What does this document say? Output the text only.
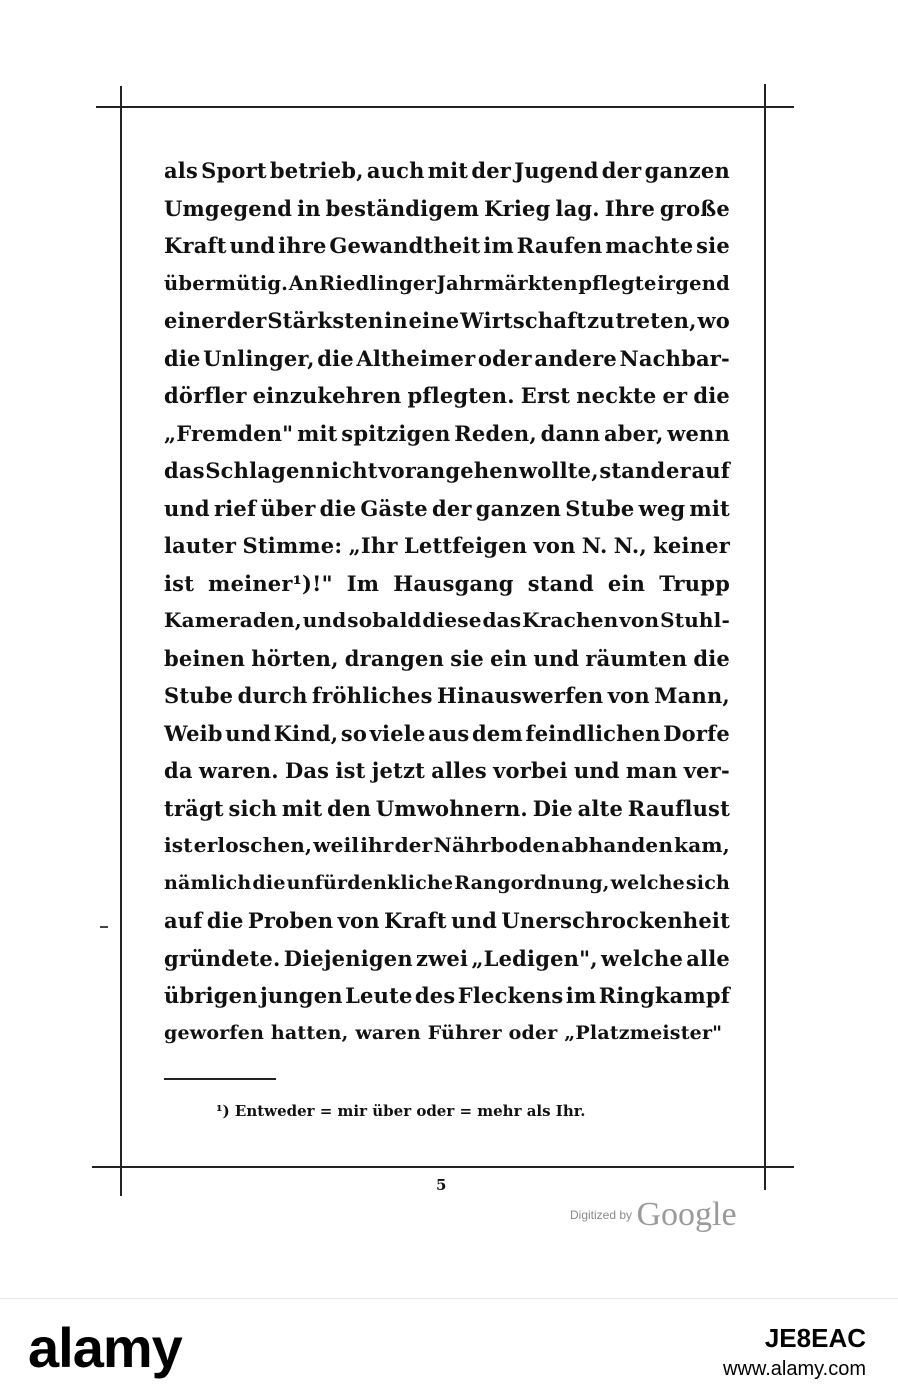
als Sport betrieb, auch mit der Jugend der ganzen
Umgegend in beständigem Krieg lag. Ihre große
Kraft und ihre Gewandtheit im Raufen machte sie
übermütig. An Riedlinger Jahrmärkten pflegte irgend
einer der Stärksten in eine Wirtschaft zu treten, wo
die Unlinger, die Altheimer oder andere Nachbar-
dörfler einzukehren pflegten. Erst neckte er die
„Fremden" mit spitzigen Reden, dann aber, wenn
das Schlagen nicht vorangehen wollte, stand er auf
und rief über die Gäste der ganzen Stube weg mit
lauter Stimme: „Ihr Lettfeigen von N. N., keiner
ist meiner¹)!" Im Hausgang stand ein Trupp
Kameraden, und sobald diese das Krachen von Stuhl-
beinen hörten, drangen sie ein und räumten die
Stube durch fröhliches Hinauswerfen von Mann,
Weib und Kind, so viele aus dem feindlichen Dorfe
da waren. Das ist jetzt alles vorbei und man ver-
trägt sich mit den Umwohnern. Die alte Rauflust
ist erloschen, weil ihr der Nährboden abhanden kam,
nämlich die unfürdenkliche Rangordnung, welche sich
auf die Proben von Kraft und Unerschrockenheit
gründete. Diejenigen zwei „Ledigen", welche alle
übrigen jungen Leute des Fleckens im Ringkampf
geworfen hatten, waren Führer oder „Platzmeister"
¹) Entweder = mir über oder = mehr als Ihr.
5
Digitized by Google
alamy	JE8EAC
www.alamy.com
